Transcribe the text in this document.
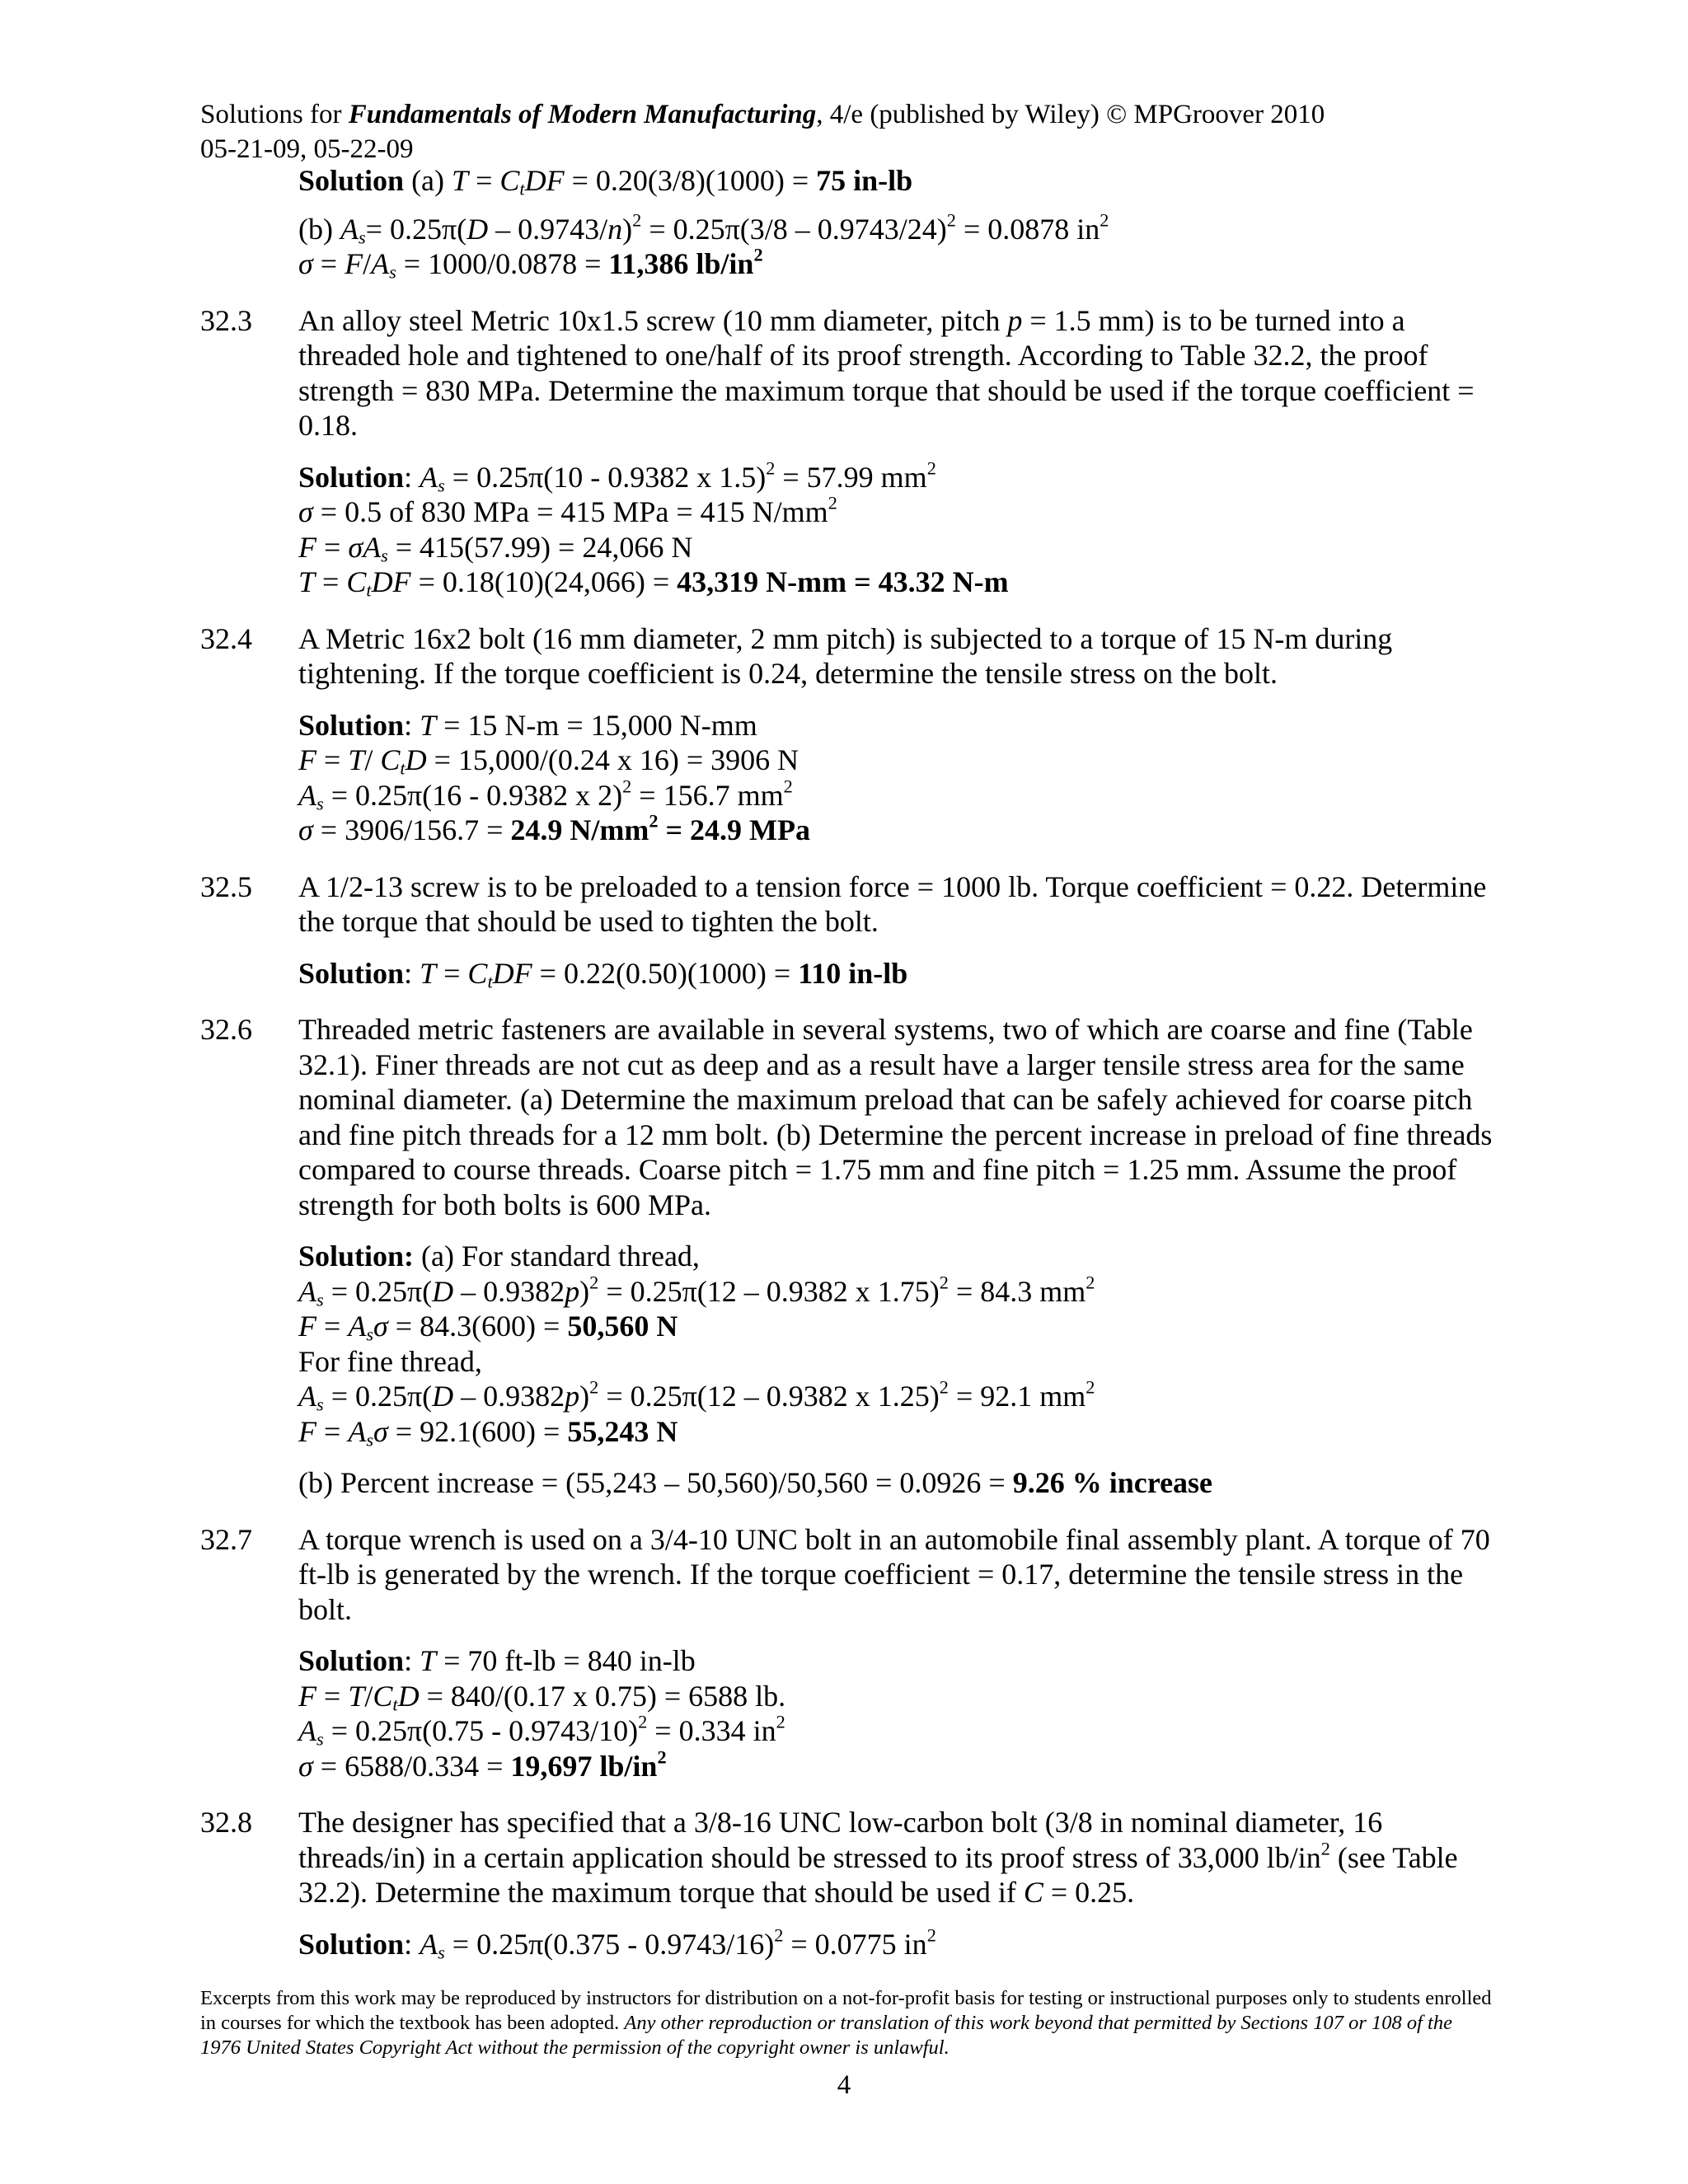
Solutions for Fundamentals of Modern Manufacturing, 4/e (published by Wiley) © MPGroover 2010
05-21-09, 05-22-09
Solution (a) $T = C_tDF = 0.20(3/8)(1000) = 75$ in-lb
(b) $A_s= 0.25\pi(D - 0.9743/n)^2 = 0.25\pi(3/8 - 0.9743/24)^2 = 0.0878$ $in^2$
$\sigma = F/A_s = 1000/0.0878 = 11,386$ $lb/in^2$
32.3 An alloy steel Metric 10x1.5 screw (10 mm diameter, pitch p = 1.5 mm) is to be turned into a threaded hole and tightened to one/half of its proof strength. According to Table 32.2, the proof strength = 830 MPa. Determine the maximum torque that should be used if the torque coefficient = 0.18.
Solution: $A_s = 0.25\pi(10 - 0.9382$ x 1.5)$^2$ = 57.99 $mm^2$
σ = 0.5 of 830 MPa = 415 MPa = 415 $N/mm^2$
$F = \sigma A_s = 415(57.99) = 24,066$ N
$T = C_tDF = 0.18(10)(24,066) = 43,319$ N-mm = 43.32 N-m
32.4 A Metric 16x2 bolt (16 mm diameter, 2 mm pitch) is subjected to a torque of 15 N-m during tightening. If the torque coefficient is 0.24, determine the tensile stress on the bolt.
Solution: T = 15 N-m = 15,000 N-mm
F = T/ $C_tD = 15,000/(0.24$ x 16) = 3906 N
$A_s = 0.25\pi(16 - 0.9382$ x 2)$^2$ = 156.7 $mm^2$
σ = 3906/156.7 = 24.9 $N/mm^2 = 24.9$ MPa
32.5 A 1/2-13 screw is to be preloaded to a tension force = 1000 lb. Torque coefficient = 0.22. Determine the torque that should be used to tighten the bolt.
Solution: $T = C_tDF = 0.22(0.50)(1000) = 110$ in-lb
32.6 Threaded metric fasteners are available in several systems, two of which are coarse and fine (Table 32.1). Finer threads are not cut as deep and as a result have a larger tensile stress area for the same nominal diameter. (a) Determine the maximum preload that can be safely achieved for coarse pitch and fine pitch threads for a 12 mm bolt. (b) Determine the percent increase in preload of fine threads compared to course threads. Coarse pitch = 1.75 mm and fine pitch = 1.25 mm. Assume the proof strength for both bolts is 600 MPa.
Solution: (a) For standard thread,
$A_s = 0.25\pi(D - 0.9382p)^2 = 0.25\pi(12 - 0.9382$ x 1.75)$^2$ = 84.3 $mm^2$
$F = A_s\sigma = 84.3(600) = 50,560$ N
For fine thread,
$A_s = 0.25\pi(D - 0.9382p)^2 = 0.25\pi(12 - 0.9382$ x 1.25)$^2$ = 92.1 $mm^2$
$F = A_s\sigma = 92.1(600) = 55,243$ N
(b) Percent increase = (55,243 – 50,560)/50,560 = 0.0926 = 9.26 % increase
32.7 A torque wrench is used on a 3/4-10 UNC bolt in an automobile final assembly plant. A torque of 70 ft-lb is generated by the wrench. If the torque coefficient = 0.17, determine the tensile stress in the bolt.
Solution: T = 70 ft-lb = 840 in-lb
$F = T/C_tD = 840/(0.17$ x 0.75) = 6588 lb.
$A_s = 0.25\pi(0.75 - 0.9743/10)^2 = 0.334$ $in^2$
σ = 6588/0.334 = 19,697 $lb/in^2$
32.8 The designer has specified that a 3/8-16 UNC low-carbon bolt (3/8 in nominal diameter, 16 threads/in) in a certain application should be stressed to its proof stress of 33,000 $lb/in^2$ (see Table 32.2). Determine the maximum torque that should be used if C = 0.25.
Solution: $A_s = 0.25\pi(0.375 - 0.9743/16)^2 = 0.0775$ $in^2$
Excerpts from this work may be reproduced by instructors for distribution on a not-for-profit basis for testing or instructional purposes only to students enrolled in courses for which the textbook has been adopted. Any other reproduction or translation of this work beyond that permitted by Sections 107 or 108 of the 1976 United States Copyright Act without the permission of the copyright owner is unlawful.
4
